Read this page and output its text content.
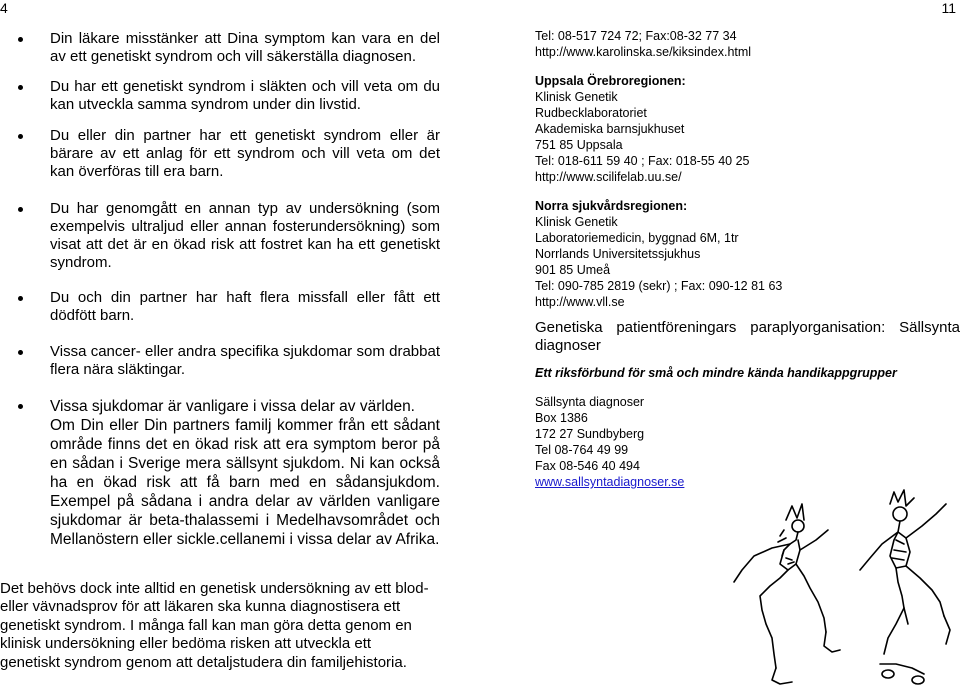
4	11
Din läkare misstänker att Dina symptom kan vara en del av ett genetiskt syndrom och vill säkerställa diagnosen.
Du har ett genetiskt syndrom i släkten och vill veta om du kan utveckla samma syndrom under din livstid.
Du eller din partner har ett genetiskt syndrom eller är bärare av ett anlag för ett syndrom och vill veta om det kan överföras till era barn.
Du har genomgått en annan typ av undersökning (som exempelvis ultraljud eller annan fosterundersökning) som visat att det är en ökad risk att fostret kan ha ett genetiskt syndrom.
Du och din partner har haft flera missfall eller fått ett dödfött barn.
Vissa cancer- eller andra specifika sjukdomar som drabbat flera nära släktingar.
Vissa sjukdomar är vanligare i vissa delar av världen.
Om Din eller Din partners familj kommer från ett sådant område finns det en ökad risk att era symptom beror på en sådan i Sverige mera sällsynt sjukdom. Ni kan också ha en ökad risk att få barn med en sådansjukdom. Exempel på sådana i andra delar av världen vanligare sjukdomar är beta-thalassemi i Medelhavsområdet och Mellanöstern eller sickle.cellanemi i vissa delar av Afrika.

Det behövs dock inte alltid en genetisk undersökning av ett blod- eller vävnadsprov för att läkaren ska kunna diagnostisera ett genetiskt syndrom. I många fall kan man göra detta genom en klinisk undersökning eller bedöma risken att utveckla ett genetiskt syndrom genom att detaljstudera din familjehistoria.

Tel: 08-517 724 72; Fax:08-32 77 34

http://www.karolinska.se/kiksindex.html

Uppsala Örebroregionen:

Klinisk Genetik

Rudbecklaboratoriet

Akademiska barnsjukhuset

751 85 Uppsala

Tel: 018-611 59 40 ; Fax: 018-55 40 25

http://www.scilifelab.uu.se/

Norra sjukvårdsregionen:

Klinisk Genetik

Laboratoriemedicin, byggnad 6M, 1tr

Norrlands Universitetssjukhus

901 85 Umeå

Tel: 090-785 2819 (sekr) ; Fax: 090-12 81 63

http://www.vll.se

Genetiska patientföreningars paraplyorganisation: Sällsynta diagnoser

Ett riksförbund för små och mindre kända handikappgrupper

Sällsynta diagnoser

Box 1386

172 27 Sundbyberg

Tel 08-764 49 99

Fax 08-546 40 494

www.sallsyntadiagnoser.se
